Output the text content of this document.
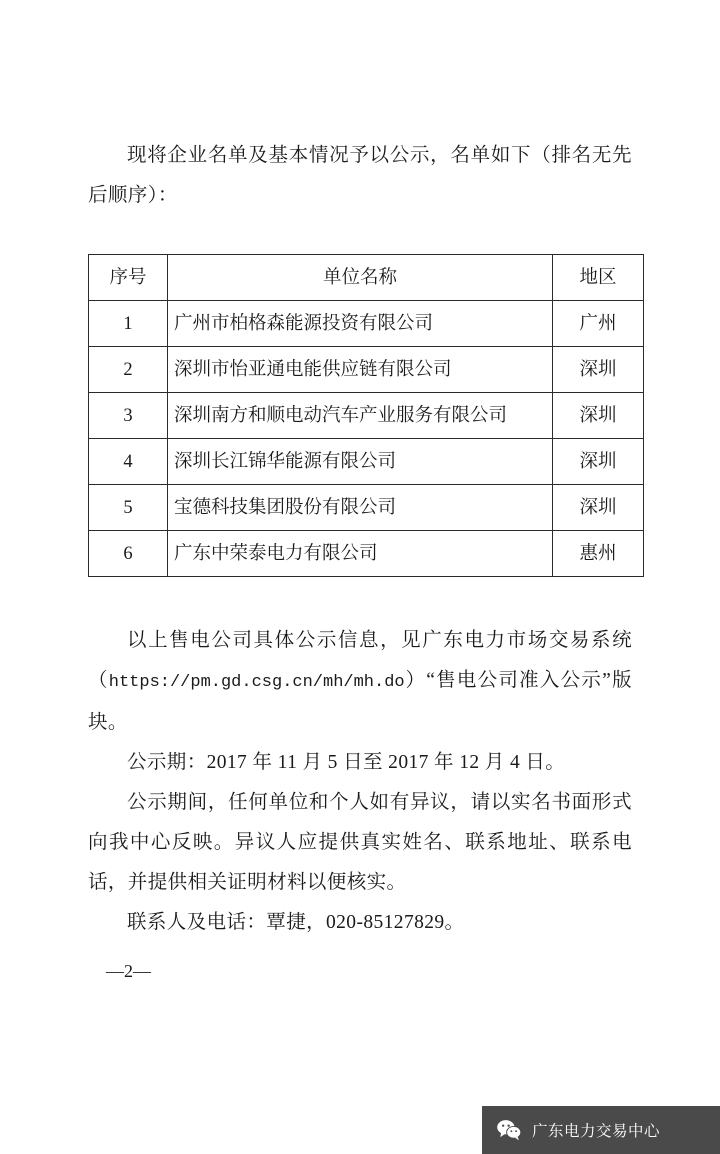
现将企业名单及基本情况予以公示，名单如下（排名无先后顺序）：

序号	单位名称	地区
1	广州市柏格森能源投资有限公司	广州
2	深圳市怡亚通电能供应链有限公司	深圳
3	深圳南方和顺电动汽车产业服务有限公司	深圳
4	深圳长江锦华能源有限公司	深圳
5	宝德科技集团股份有限公司	深圳
6	广东中荣泰电力有限公司	惠州

以上售电公司具体公示信息，见广东电力市场交易系统（https://pm.gd.csg.cn/mh/mh.do）“售电公司准入公示”版块。

公示期：2017 年 11 月 5 日至 2017 年 12 月 4 日。

公示期间，任何单位和个人如有异议，请以实名书面形式向我中心反映。异议人应提供真实姓名、联系地址、联系电话，并提供相关证明材料以便核实。

联系人及电话：覃捷，020-85127829。

—2—
广东电力交易中心
